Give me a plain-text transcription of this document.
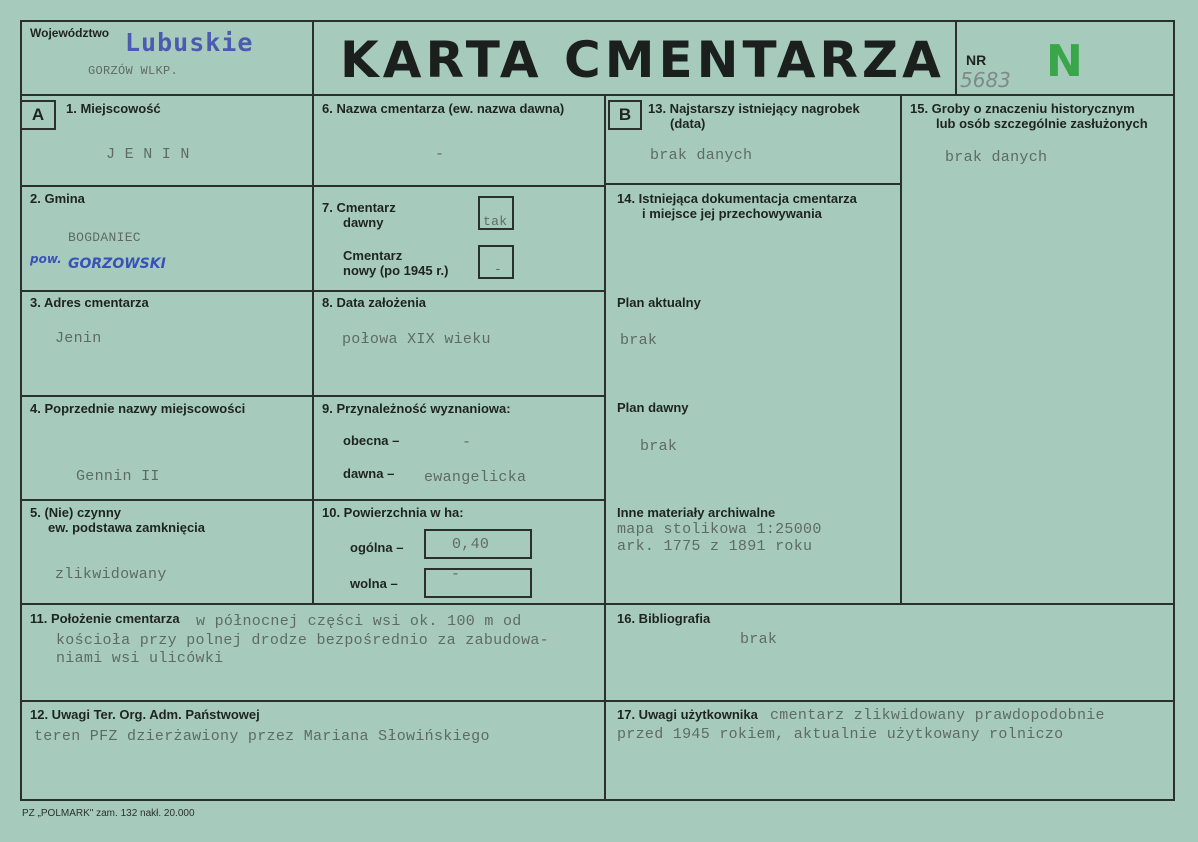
Województwo Lubuskie
GORZÓW WLKP.	KARTA CMENTARZA NR
5683 N
A	1. Miejscowość
J E N I N
6. Nazwa cmentarza (ew. nazwa dawna)
-
2. Gmina
BOGDANIEC
pow. GORZOWSKI
7. Cmentarz
dawny	tak
Cmentarz
nowy (po 1945 r.)	-
3. Adres cmentarza
Jenin
8. Data założenia
połowa XIX wieku
4. Poprzednie nazwy miejscowości
Gennin II
9. Przynależność wyznaniowa:
obecna –	-
dawna – ewangelicka
5. (Nie) czynny
ew. podstawa zamknięcia
zlikwidowany
10. Powierzchnia w ha:
ogólna –	0,40
wolna –
-
11. Położenie cmentarza w północnej części wsi ok. 100 m od
kościoła przy polnej drodze bezpośrednio za zabudowa-
niami wsi ulicówki
12. Uwagi Ter. Org. Adm. Państwowej
teren PFZ dzierżawiony przez Mariana Słowińskiego
B	13. Najstarszy istniejący nagrobek
(data)
brak danych
14. Istniejąca dokumentacja cmentarza
i miejsce jej przechowywania
Plan aktualny
brak
Plan dawny
brak
Inne materiały archiwalne
mapa stolikowa 1:25000
ark. 1775 z 1891 roku
15. Groby o znaczeniu historycznym
lub osób szczególnie zasłużonych
brak danych
16. Bibliografia
brak
17. Uwagi użytkownika cmentarz zlikwidowany prawdopodobnie
przed 1945 rokiem, aktualnie użytkowany rolniczo
PZ „POLMARK" zam. 132 nakł. 20.000
